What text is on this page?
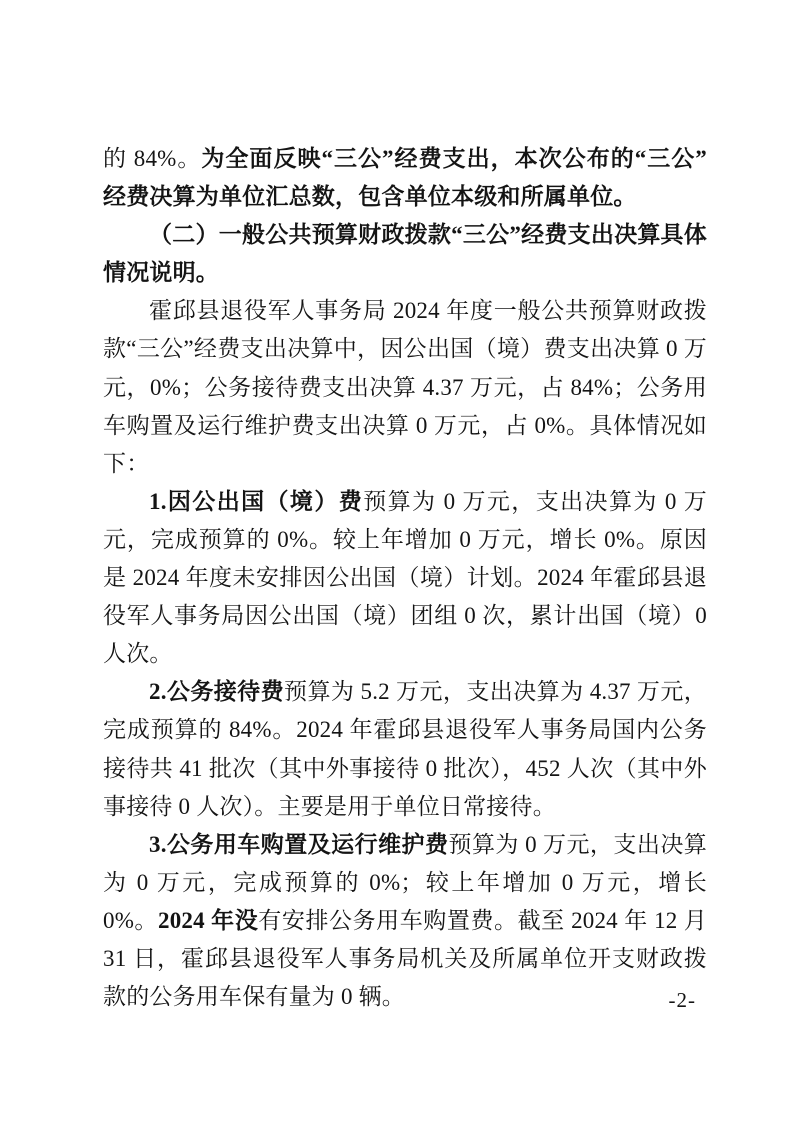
的 84%。为全面反映“三公”经费支出，本次公布的“三公”经费决算为单位汇总数，包含单位本级和所属单位。

（二）一般公共预算财政拨款“三公”经费支出决算具体情况说明。

霍邱县退役军人事务局 2024 年度一般公共预算财政拨款“三公”经费支出决算中，因公出国（境）费支出决算 0 万元，0%；公务接待费支出决算 4.37 万元，占 84%；公务用车购置及运行维护费支出决算 0 万元，占 0%。具体情况如下：

1.因公出国（境）费预算为 0 万元，支出决算为 0 万元，完成预算的 0%。较上年增加 0 万元，增长 0%。原因是 2024 年度未安排因公出国（境）计划。2024 年霍邱县退役军人事务局因公出国（境）团组 0 次，累计出国（境）0 人次。

2.公务接待费预算为 5.2 万元，支出决算为 4.37 万元，完成预算的 84%。2024 年霍邱县退役军人事务局国内公务接待共 41 批次（其中外事接待 0 批次），452 人次（其中外事接待 0 人次）。主要是用于单位日常接待。

3.公务用车购置及运行维护费预算为 0 万元，支出决算为 0 万元，完成预算的 0%；较上年增加 0 万元，增长 0%。2024 年没有安排公务用车购置费。截至 2024 年 12 月 31 日，霍邱县退役军人事务局机关及所属单位开支财政拨款的公务用车保有量为 0 辆。	-2-
